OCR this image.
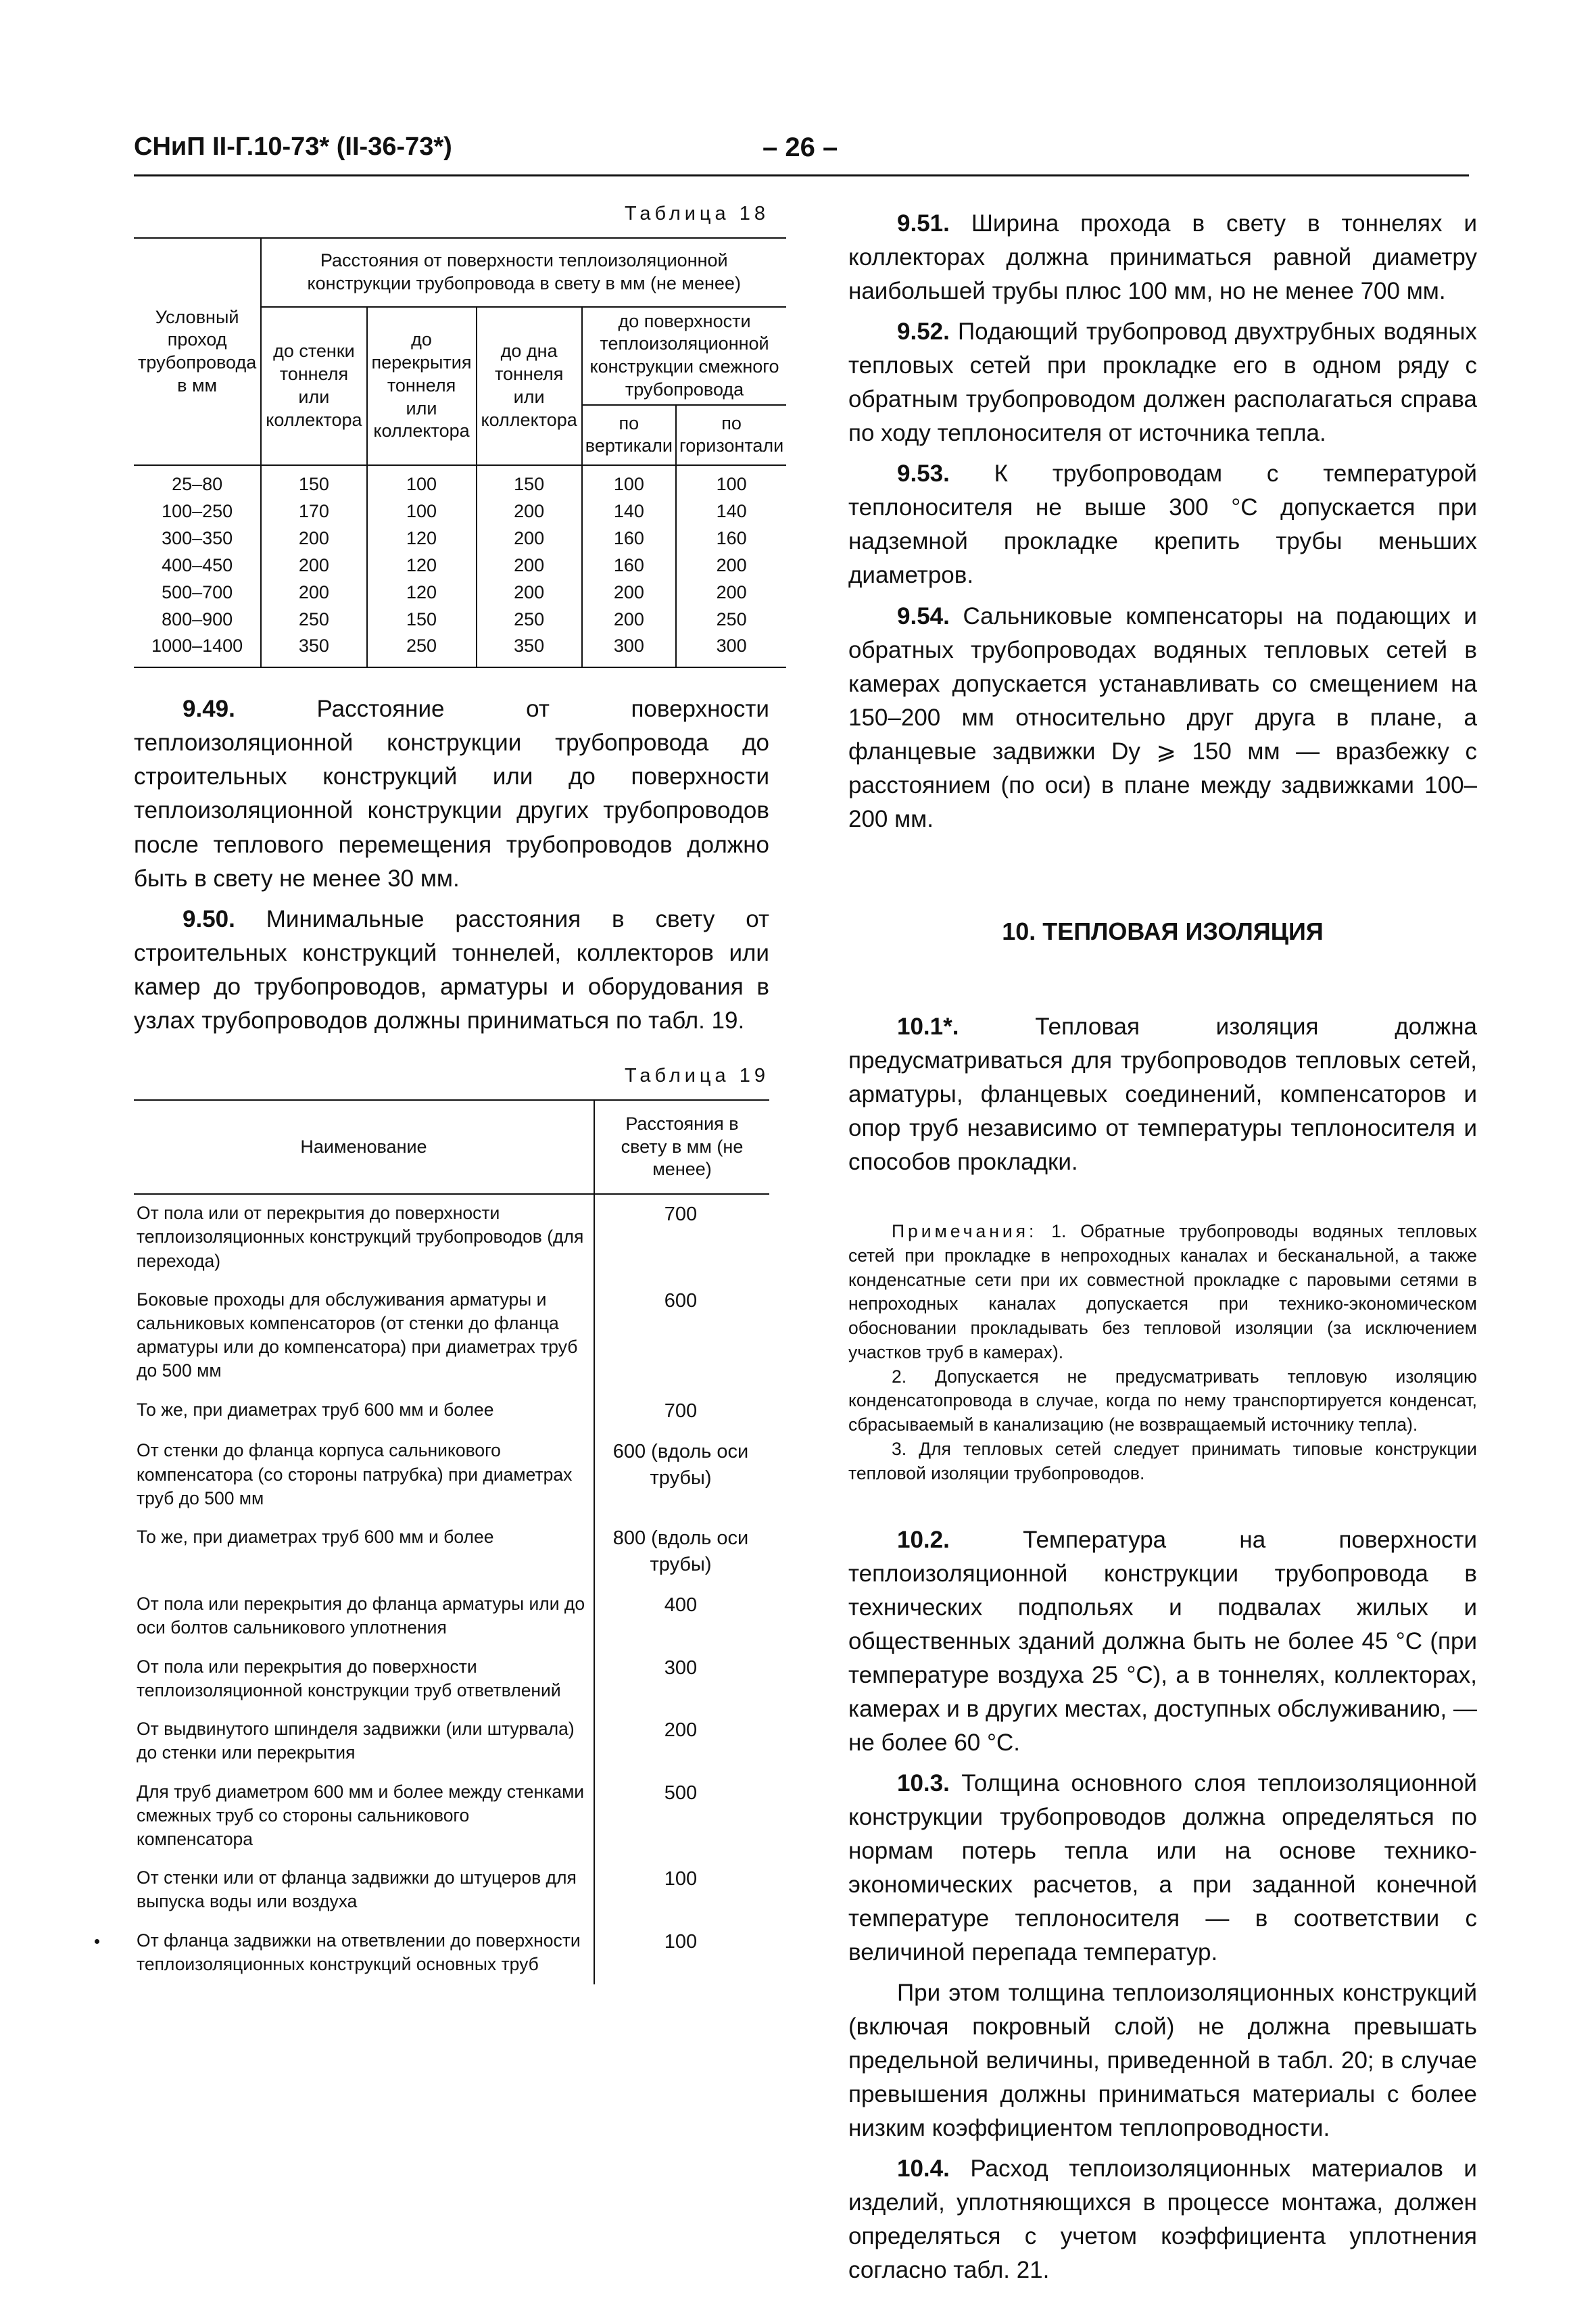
СНиП II-Г.10-73* (II-36-73*)	– 26 –
Таблица 18
Условный проход трубопровода в мм	Расстояния от поверхности теплоизоляционной конструкции трубопровода в свету в мм (не менее)				
	до стенки тоннеля или коллектора	до перекрытия тоннеля или коллектора	до дна тоннеля или коллектора	до поверхности теплоизоляционной конструкции смежного трубопровода	
				по вертикали	по горизонтали
25–80	150	100	150	100	100
100–250	170	100	200	140	140
300–350	200	120	200	160	160
400–450	200	120	200	160	200
500–700	200	120	200	200	200
800–900	250	150	250	200	250
1000–1400	350	250	350	300	300

9.49.	Расстояние от поверхности теплоизоляционной конструкции трубопровода до строительных конструкций или до поверхности теплоизоляционной конструкции других трубопроводов после теплового перемещения трубопроводов должно быть в свету не менее 30 мм.

9.50. Минимальные расстояния в свету от строительных конструкций тоннелей, коллекторов или камер до трубопроводов, арматуры и оборудования в узлах трубопроводов должны приниматься по табл. 19.

Таблица 19
Наименование	Расстояния в свету в мм (не менее)
От пола или от перекрытия до поверхности теплоизоляционных конструкций трубопроводов (для перехода)	700
Боковые проходы для обслуживания арматуры и сальниковых компенсаторов (от стенки до фланца арматуры или до компенсатора) при диаметрах труб до 500 мм	600
То же, при диаметрах труб 600 мм и более	700
От стенки до фланца корпуса сальникового компенсатора (со стороны патрубка) при диаметрах труб до 500 мм	600 (вдоль оси трубы)
То же, при диаметрах труб 600 мм и более	800 (вдоль оси трубы)
От пола или перекрытия до фланца арматуры или до оси болтов сальникового уплотнения	400
От пола или перекрытия до поверхности теплоизоляционной конструкции труб ответвлений	300
От выдвинутого шпинделя задвижки (или штурвала) до стенки или перекрытия	200
Для труб диаметром 600 мм и более между стенками смежных труб со стороны сальникового компенсатора	500
От стенки или от фланца задвижки до штуцеров для выпуска воды или воздуха	100
От фланца задвижки на ответвлении до поверхности теплоизоляционных конструкций основных труб	100

9.51. Ширина прохода в свету в тоннелях и коллекторах должна приниматься равной диаметру наибольшей трубы плюс 100 мм, но не менее 700 мм.

9.52. Подающий трубопровод двухтрубных водяных тепловых сетей при прокладке его в одном ряду с обратным трубопроводом должен располагаться справа по ходу теплоносителя от источника тепла.

9.53. К трубопроводам с температурой теплоносителя не выше 300 °С допускается при надземной прокладке крепить трубы меньших диаметров.

9.54. Сальниковые компенсаторы на подающих и обратных трубопроводах водяных тепловых сетей в камерах допускается устанавливать со смещением на 150–200 мм относительно друг друга в плане, а фланцевые задвижки Dу ⩾ 150 мм — вразбежку с расстоянием (по оси) в плане между задвижками 100–200 мм.

10. ТЕПЛОВАЯ ИЗОЛЯЦИЯ

10.1*.	Тепловая изоляция должна предусматриваться для трубопроводов тепловых сетей, арматуры, фланцевых соединений, компенсаторов и опор труб независимо от температуры теплоносителя и способов прокладки.

Примечания: 1. Обратные трубопроводы водяных тепловых сетей при прокладке в непроходных каналах и бесканальной, а также конденсатные сети при их совместной прокладке с паровыми сетями в непроходных каналах допускается при технико-экономическом обосновании прокладывать без тепловой изоляции (за исключением участков труб в камерах).

2. Допускается не предусматривать тепловую изоляцию конденсатопровода в случае, когда по нему транспортируется конденсат, сбрасываемый в канализацию (не возвращаемый источнику тепла).

3. Для тепловых сетей следует принимать типовые конструкции тепловой изоляции трубопроводов.

10.2.	Температура на поверхности теплоизоляционной конструкции трубопровода в технических подпольях и подвалах жилых и общественных зданий должна быть не более 45 °С (при температуре воздуха 25 °С), а в тоннелях, коллекторах, камерах и в других местах, доступных обслуживанию, — не более 60 °С.

10.3. Толщина основного слоя теплоизоляционной конструкции трубопроводов должна определяться по нормам потерь тепла или на основе технико-экономических расчетов, а при заданной конечной температуре теплоносителя — в соответствии с величиной перепада температур.

При этом толщина теплоизоляционных конструкций (включая покровный слой) не должна превышать предельной величины, приведенной в табл. 20; в случае превышения должны приниматься материалы с более низким коэффициентом теплопроводности.

10.4. Расход теплоизоляционных материалов и изделий, уплотняющихся в процессе монтажа, должен определяться с учетом коэффициента уплотнения согласно табл. 21.
